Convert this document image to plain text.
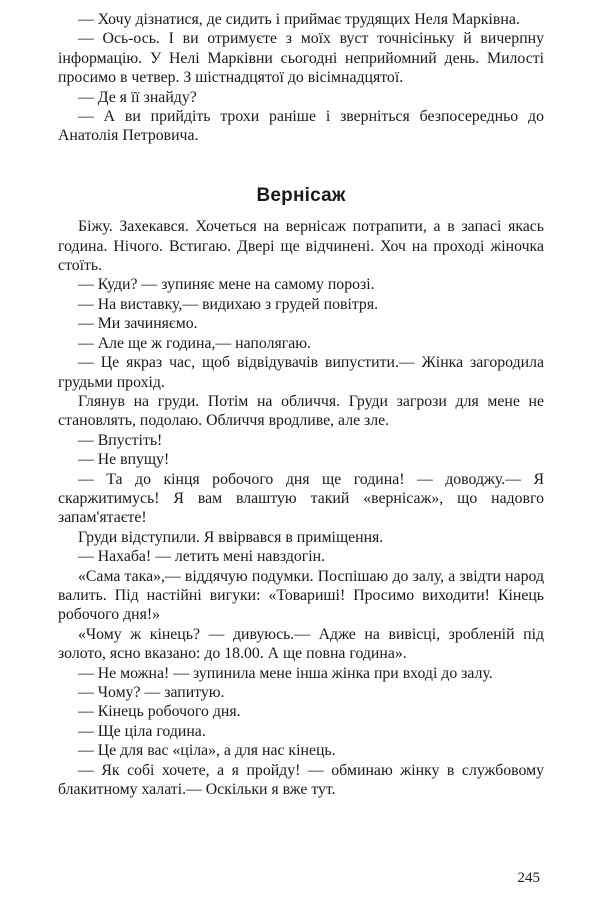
— Хочу дізнатися, де сидить і приймає трудящих Неля Марківна.

— Ось-ось. І ви отримуєте з моїх вуст точнісіньку й вичерпну інформацію. У Нелі Марківни сьогодні неприйомний день. Милості просимо в четвер. З шістнадцятої до вісімнадцятої.

— Де я її знайду?

— А ви прийдіть трохи раніше і зверніться безпосередньо до Анатолія Петровича.

Вернісаж

Біжу. Захекався. Хочеться на вернісаж потрапити, а в запасі якась година. Нічого. Встигаю. Двері ще відчинені. Хоч на проході жіночка стоїть.

— Куди? — зупиняє мене на самому порозі.

— На виставку,— видихаю з грудей повітря.

— Ми зачиняємо.

— Але ще ж година,— наполягаю.

— Це якраз час, щоб відвідувачів випустити.— Жінка загородила грудьми прохід.

Глянув на груди. Потім на обличчя. Груди загрози для мене не становлять, подолаю. Обличчя вродливе, але зле.

— Впустіть!

— Не впущу!

— Та до кінця робочого дня ще година! — доводжу.— Я скаржитимусь! Я вам влаштую такий «вернісаж», що надовго запам'ятаєте!

Груди відступили. Я ввірвався в приміщення.

— Нахаба! — летить мені навздогін.

«Сама така»,— віддячую подумки. Поспішаю до залу, а звідти народ валить. Під настійні вигуки: «Товариші! Просимо виходити! Кінець робочого дня!»

«Чому ж кінець? — дивуюсь.— Адже на вивісці, зробленій під золото, ясно вказано: до 18.00. А ще повна година».

— Не можна! — зупинила мене інша жінка при вході до залу.

— Чому? — запитую.

— Кінець робочого дня.

— Ще ціла година.

— Це для вас «ціла», а для нас кінець.

— Як собі хочете, а я пройду! — обминаю жінку в службовому блакитному халаті.— Оскільки я вже тут.

245
